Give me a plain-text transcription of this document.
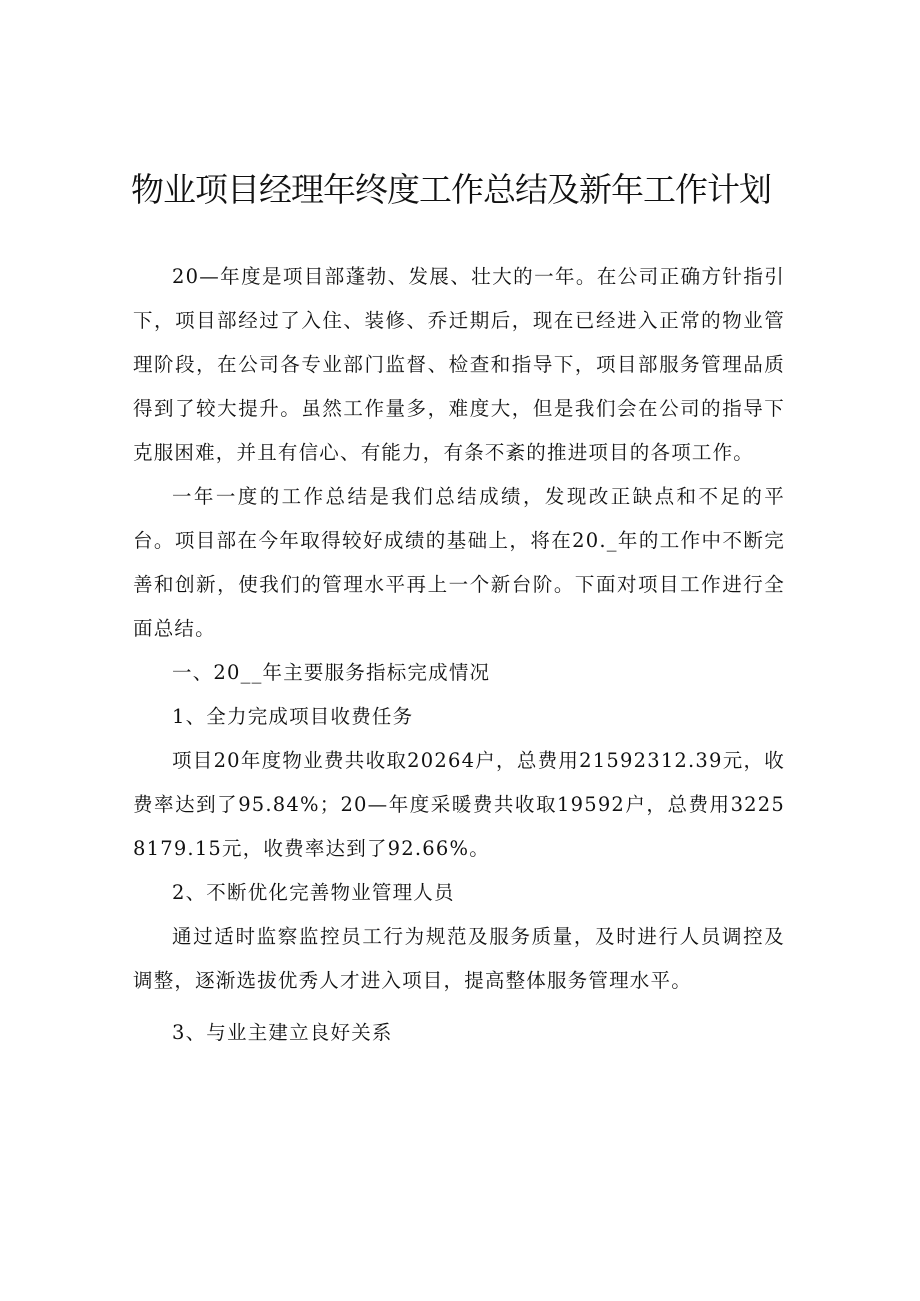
物业项目经理年终度工作总结及新年工作计划

20—年度是项目部蓬勃、发展、壮大的一年。在公司正确方针指引下，项目部经过了入住、装修、乔迁期后，现在已经进入正常的物业管理阶段，在公司各专业部门监督、检查和指导下，项目部服务管理品质得到了较大提升。虽然工作量多，难度大，但是我们会在公司的指导下克服困难，并且有信心、有能力，有条不紊的推进项目的各项工作。

一年一度的工作总结是我们总结成绩，发现改正缺点和不足的平台。项目部在今年取得较好成绩的基础上，将在20._年的工作中不断完善和创新，使我们的管理水平再上一个新台阶。下面对项目工作进行全面总结。

一、20__年主要服务指标完成情况

1、全力完成项目收费任务

项目20年度物业费共收取20264户，总费用21592312.39元，收费率达到了95.84%；20—年度采暖费共收取19592户，总费用32258179.15元，收费率达到了92.66%。

2、不断优化完善物业管理人员

通过适时监察监控员工行为规范及服务质量，及时进行人员调控及调整，逐渐选拔优秀人才进入项目，提高整体服务管理水平。

3、与业主建立良好关系
